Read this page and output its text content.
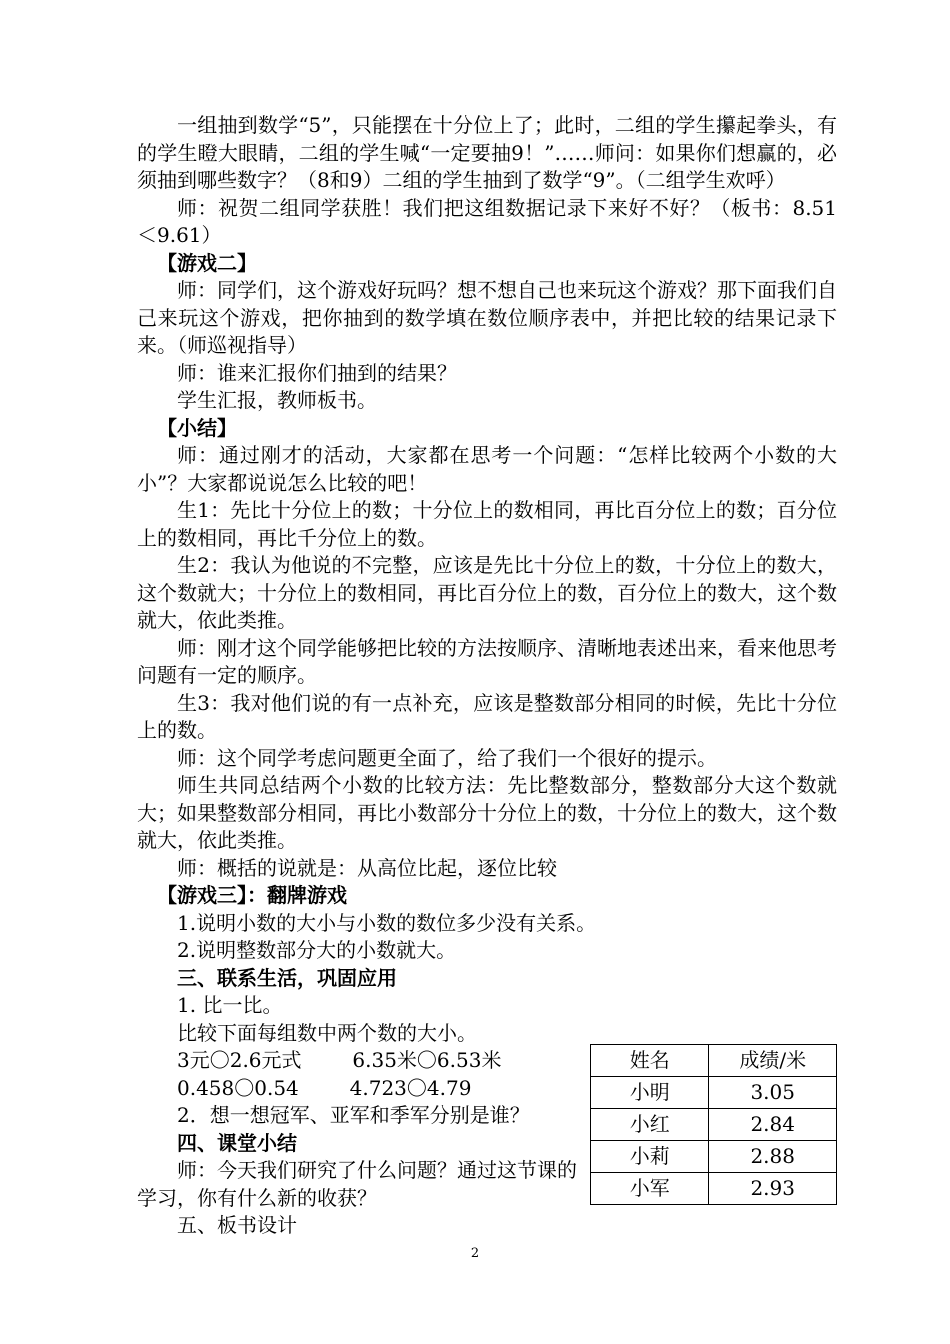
一组抽到数学“5”，只能摆在十分位上了；此时，二组的学生攥起拳头，有的学生瞪大眼睛，二组的学生喊“一定要抽9！”……师问：如果你们想赢的，必须抽到哪些数字？（8和9）二组的学生抽到了数学“9”。（二组学生欢呼）

师：祝贺二组同学获胜！我们把这组数据记录下来好不好？（板书：8.51＜9.61）

【游戏二】

师：同学们，这个游戏好玩吗？想不想自己也来玩这个游戏？那下面我们自己来玩这个游戏，把你抽到的数学填在数位顺序表中，并把比较的结果记录下来。（师巡视指导）

师：谁来汇报你们抽到的结果？

学生汇报，教师板书。

【小结】

师：通过刚才的活动，大家都在思考一个问题：“怎样比较两个小数的大小”？大家都说说怎么比较的吧！

生1：先比十分位上的数；十分位上的数相同，再比百分位上的数；百分位上的数相同，再比千分位上的数。

生2：我认为他说的不完整，应该是先比十分位上的数，十分位上的数大，这个数就大；十分位上的数相同，再比百分位上的数，百分位上的数大，这个数就大，依此类推。

师：刚才这个同学能够把比较的方法按顺序、清晰地表述出来，看来他思考问题有一定的顺序。

生3：我对他们说的有一点补充，应该是整数部分相同的时候，先比十分位上的数。

师：这个同学考虑问题更全面了，给了我们一个很好的提示。

师生共同总结两个小数的比较方法：先比整数部分，整数部分大这个数就大；如果整数部分相同，再比小数部分十分位上的数，十分位上的数大，这个数就大，依此类推。

师：概括的说就是：从高位比起，逐位比较

【游戏三】：翻牌游戏

1.说明小数的大小与小数的数位多少没有关系。

2.说明整数部分大的小数就大。

三、联系生活，巩固应用

1. 比一比。

比较下面每组数中两个数的大小。

3元〇2.6元式        6.35米〇6.53米

0.458〇0.54        4.723〇4.79

2．想一想冠军、亚军和季军分别是谁？

四、课堂小结

师：今天我们研究了什么问题？通过这节课的学习，你有什么新的收获？

五、板书设计

姓名	成绩/米
小明	3.05
小红	2.84
小莉	2.88
小军	2.93
2
